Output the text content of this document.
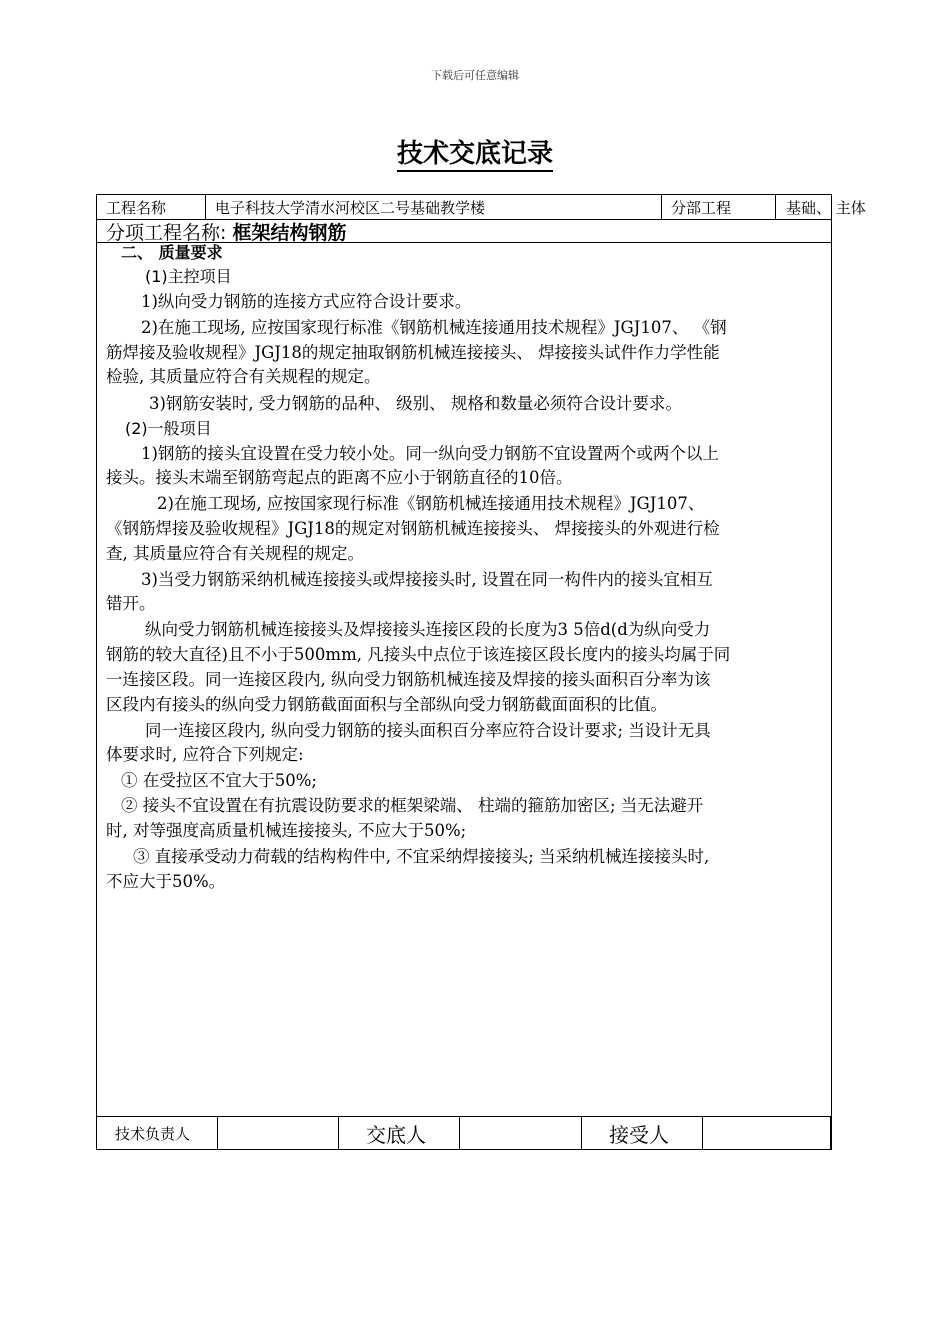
下载后可任意编辑
技术交底记录
工程名称	电子科技大学清水河校区二号基础教学楼	分部工程	基础、 主体
分项工程名称: 框架结构钢筋
二、 质量要求
(1)主控项目
1)纵向受力钢筋的连接方式应符合设计要求。
2)在施工现场, 应按国家现行标准《钢筋机械连接通用技术规程》JGJ107、 《钢
筋焊接及验收规程》JGJ18的规定抽取钢筋机械连接接头、 焊接接头试件作力学性能
检验, 其质量应符合有关规程的规定。
3)钢筋安装时, 受力钢筋的品种、 级别、 规格和数量必须符合设计要求。
(2)一般项目
1)钢筋的接头宜设置在受力较小处。同一纵向受力钢筋不宜设置两个或两个以上
接头。接头末端至钢筋弯起点的距离不应小于钢筋直径的10倍。
2)在施工现场, 应按国家现行标准《钢筋机械连接通用技术规程》JGJ107、
《钢筋焊接及验收规程》JGJ18的规定对钢筋机械连接接头、 焊接接头的外观进行检
查, 其质量应符合有关规程的规定。
3)当受力钢筋采纳机械连接接头或焊接接头时, 设置在同一构件内的接头宜相互
错开。
纵向受力钢筋机械连接接头及焊接接头连接区段的长度为3 5倍d(d为纵向受力
钢筋的较大直径)且不小于500mm, 凡接头中点位于该连接区段长度内的接头均属于同
一连接区段。同一连接区段内, 纵向受力钢筋机械连接及焊接的接头面积百分率为该
区段内有接头的纵向受力钢筋截面面积与全部纵向受力钢筋截面面积的比值。
同一连接区段内, 纵向受力钢筋的接头面积百分率应符合设计要求; 当设计无具
体要求时, 应符合下列规定:
① 在受拉区不宜大于50%;
② 接头不宜设置在有抗震设防要求的框架梁端、 柱端的箍筋加密区; 当无法避开
时, 对等强度高质量机械连接接头, 不应大于50%;
③ 直接承受动力荷载的结构构件中, 不宜采纳焊接接头; 当采纳机械连接接头时,
不应大于50%。
技术负责人	交底人	接受人
